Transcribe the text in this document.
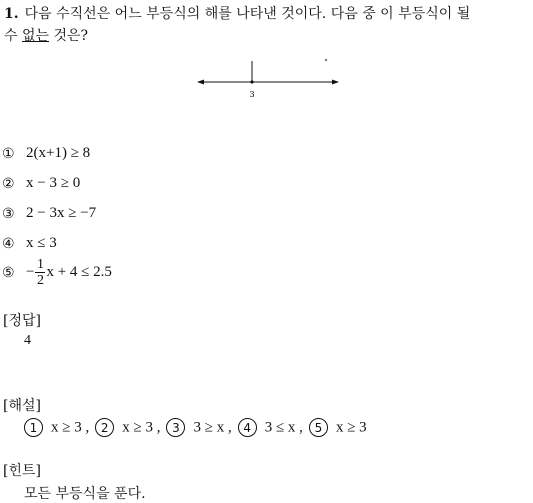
1. 다음 수직선은 어느 부등식의 해를 나타낸 것이다. 다음 중 이 부등식이 될
수 없는 것은?
3
① 2(x+1) ≥ 8
② x − 3 ≥ 0
③ 2 − 3x ≥ −7
④ x ≤ 3
⑤ − $\frac{1}{2}$ x + 4 ≤ 2.5
[정답]
4
[해설]
1 x ≥ 3 , 2 x ≥ 3 , 3 3 ≥ x , 4 3 ≤ x , 5 x ≥ 3
[힌트]
모든 부등식을 푼다.
